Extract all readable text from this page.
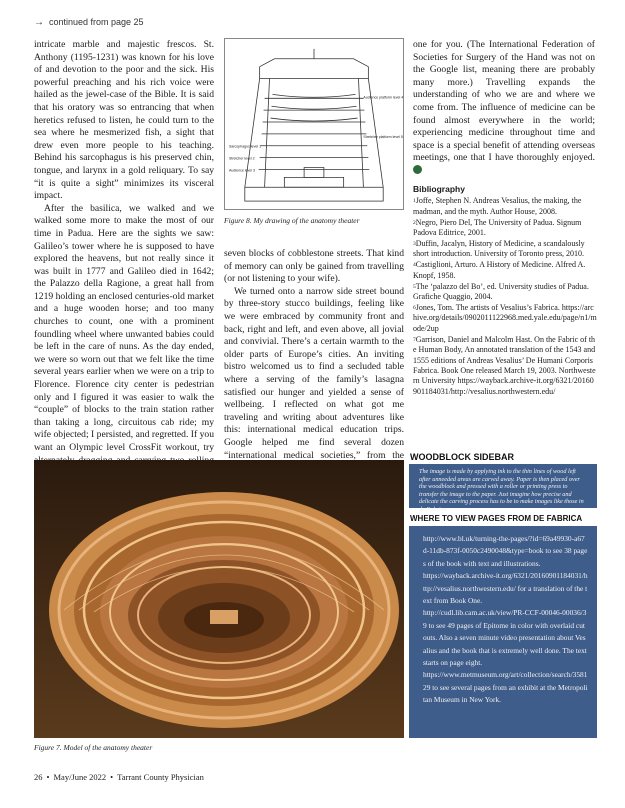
→ continued from page 25

intricate marble and majestic frescos. St. Anthony (1195-1231) was known for his love of and devotion to the poor and the sick. His powerful preaching and his rich voice were hailed as the jewel-case of the Bible. It is said that his oratory was so entrancing that when heretics refused to listen, he could turn to the sea where he mesmerized fish, a sight that drew even more people to his teaching. Behind his sarcophagus is his preserved chin, tongue, and larynx in a gold reliquary. To say “it is quite a sight” minimizes its visceral impact.

After the basilica, we walked and we walked some more to make the most of our time in Padua. Here are the sights we saw: Galileo’s tower where he is supposed to have explored the heavens, but not really since it was built in 1777 and Galileo died in 1642; the Palazzo della Ragione, a great hall from 1219 holding an enclosed centuries-old market and a huge wooden horse; and too many churches to count, one with a prominent foundling wheel where unwanted babies could be left in the care of nuns. As the day ended, we were so worn out that we felt like the time several years earlier when we were on a trip to Florence. Florence city center is pedestrian only and I figured it was easier to walk the “couple” of blocks to the train station rather than taking a long, circuitous cab ride; my wife objected; I persisted, and regretted. If you want an Olympic level CrossFit workout, try

Sarcophagus level 1
Stretcher level 2
Audience level 3
Audience platform level 4
Stretcher platform level 5
Figure 8. My drawing of the anatomy theater

seven blocks of cobblestone streets. That kind of memory can only be gained from travelling (or not listening to your wife).

We turned onto a narrow side street bound by three-story stucco buildings, feeling like we were embraced by community front and back, right and left, and even above, all jovial and convivial. There’s a certain warmth to the older parts of Europe’s cities. An inviting bistro welcomed us to find a secluded table where a serving of the family’s lasagna satisfied our hunger and yielded a sense of wellbeing. I reflected on what got me traveling and writing about adventures like this: international medical education trips. Google helped me find several dozen “international medical societies,” from the

one for you. (The International Federation of Societies for Surgery of the Hand was not on the Google list, meaning there are probably many more.) Travelling expands the understanding of who we are and where we come from. The influence of medicine can be found almost everywhere in the world; experiencing medicine throughout time and space is a special benefit of attending overseas meetings, one that I have thoroughly enjoyed.

Bibliography
$^1$Joffe, Stephen N. Andreas Vesalius, the making, the madman, and the myth. Author House, 2008.
$^2$Negro, Piero Del, The University of Padua. Signum Padova Editrice, 2001.
$^3$Duffin, Jacalyn, History of Medicine, a scandalously short introduction. University of Toronto press, 2010.
$^4$Castiglioni, Arturo. A History of Medicine. Alfred A. Knopf, 1958.
$^5$The ‘palazzo del Bo’, ed. University studies of Padua. Grafiche Quaggio, 2004.
$^6$Jones, Tom. The artists of Vesalius’s Fabrica. https://archive.org/details/0902011122968.med.yale.edu/page/n1/mode/2up
$^7$Garrison, Daniel and Malcolm Hast. On the Fabric of the Human Body, An annotated translation of the 1543 and 1555 editions of Andreas Vesalius’ De Humani Corporis Fabrica. Book One released March 19, 2003. Northwestern University https://wayback.archive-it.org/6321/20160901184031/http://vesalius.northwestern.edu/
Figure 7. Model of the anatomy theater
WOODBLOCK SIDEBAR
The image is made by applying ink to the thin lines of wood left after unneeded areas are carved away. Paper is then placed over the woodblock and pressed with a roller or printing press to transfer the image to the paper. Just imagine how precise and delicate the carving process has to be to make images like those in de Fabrica.
WHERE TO VIEW PAGES FROM DE FABRICA
http://www.bl.uk/turning-the-pages/?id=69a49930-a67d-11db-873f-0050c2490048&type=book to see 38 pages of the book with text and illustrations.
https://wayback.archive-it.org/6321/20160901184031/http://vesalius.northwestern.edu/ for a translation of the text from Book One.
http://cudl.lib.cam.ac.uk/view/PR-CCF-00046-00036/39 to see 49 pages of Epitome in color with overlaid cutouts. Also a seven minute video presentation about Vesalius and the book that is extremely well done. The text starts on page eight.
https://www.metmuseum.org/art/collection/search/358129 to see several pages from an exhibit at the Metropolitan Museum in New York.
26 • May/June 2022 • Tarrant County Physician
